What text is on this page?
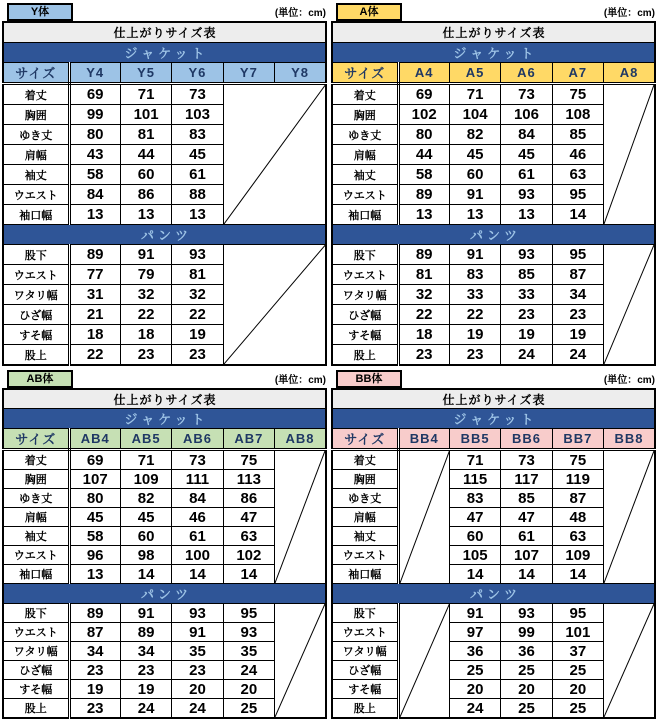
Y体	(単位：cm)
仕上がりサイズ表					
ジャケット					
サイズ	Y4	Y5	Y6	Y7	Y8
着丈	69	71	73	

胸囲	99	101	103		
ゆき丈	80	81	83		
肩幅	43	44	45		
袖丈	58	60	61		
ウエスト	84	86	88		
袖口幅	13	13	13		
パンツ					
股下	89	91	93	

ウエスト	77	79	81		
ワタリ幅	31	32	32		
ひざ幅	21	22	22		
すそ幅	18	18	19		
股上	22	23	23		
A体	(単位：cm)
仕上がりサイズ表					
ジャケット					
サイズ	A4	A5	A6	A7	A8
着丈	69	71	73	75	

胸囲	102	104	106	108	
ゆき丈	80	82	84	85	
肩幅	44	45	45	46	
袖丈	58	60	61	63	
ウエスト	89	91	93	95	
袖口幅	13	13	13	14	
パンツ					
股下	89	91	93	95	

ウエスト	81	83	85	87	
ワタリ幅	32	33	33	34	
ひざ幅	22	22	23	23	
すそ幅	18	19	19	19	
股上	23	23	24	24	
AB体	(単位：cm)
仕上がりサイズ表					
ジャケット					
サイズ	AB4	AB5	AB6	AB7	AB8
着丈	69	71	73	75	

胸囲	107	109	111	113	
ゆき丈	80	82	84	86	
肩幅	45	45	46	47	
袖丈	58	60	61	63	
ウエスト	96	98	100	102	
袖口幅	13	14	14	14	
パンツ					
股下	89	91	93	95	

ウエスト	87	89	91	93	
ワタリ幅	34	34	35	35	
ひざ幅	23	23	23	24	
すそ幅	19	19	20	20	
股上	23	24	24	25	
BB体	(単位：cm)
仕上がりサイズ表					
ジャケット					
サイズ	BB4	BB5	BB6	BB7	BB8
着丈		71	73	75	

胸囲		115	117	119	
ゆき丈		83	85	87	
肩幅		47	47	48	
袖丈		60	61	63	
ウエスト		105	107	109	
袖口幅		14	14	14	
パンツ					
股下		91	93	95	

ウエスト		97	99	101	
ワタリ幅		36	36	37	
ひざ幅		25	25	25	
すそ幅		20	20	20	
股上		24	25	25	
